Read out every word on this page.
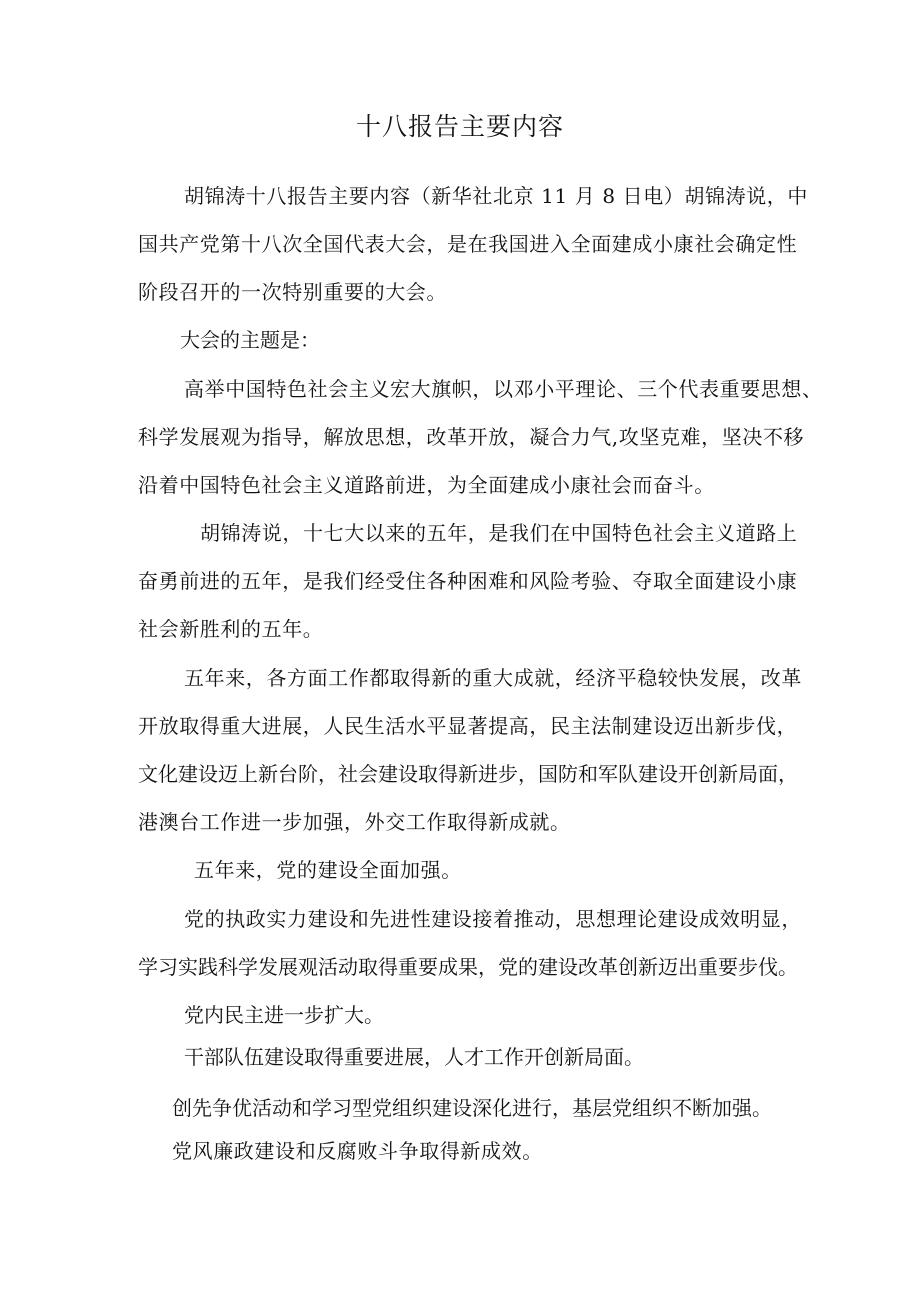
十八报告主要内容
胡锦涛十八报告主要内容（新华社北京 11 月 8 日电）胡锦涛说，中
国共产党第十八次全国代表大会，是在我国进入全面建成小康社会确定性
阶段召开的一次特别重要的大会。
大会的主题是：
高举中国特色社会主义宏大旗帜，以邓小平理论、三个代表重要思想、
科学发展观为指导，解放思想，改革开放，凝合力气,攻坚克难，坚决不移
沿着中国特色社会主义道路前进，为全面建成小康社会而奋斗。
胡锦涛说，十七大以来的五年，是我们在中国特色社会主义道路上
奋勇前进的五年，是我们经受住各种困难和风险考验、夺取全面建设小康
社会新胜利的五年。
五年来，各方面工作都取得新的重大成就，经济平稳较快发展，改革
开放取得重大进展，人民生活水平显著提高，民主法制建设迈出新步伐，
文化建设迈上新台阶，社会建设取得新进步，国防和军队建设开创新局面，
港澳台工作进一步加强，外交工作取得新成就。
五年来，党的建设全面加强。
党的执政实力建设和先进性建设接着推动，思想理论建设成效明显，
学习实践科学发展观活动取得重要成果，党的建设改革创新迈出重要步伐。
党内民主进一步扩大。
干部队伍建设取得重要进展，人才工作开创新局面。
创先争优活动和学习型党组织建设深化进行，基层党组织不断加强。
党风廉政建设和反腐败斗争取得新成效。
